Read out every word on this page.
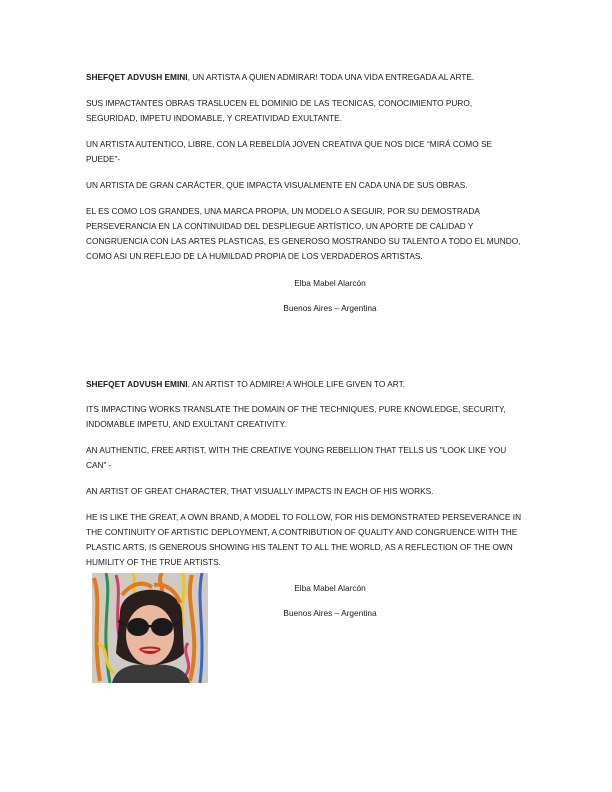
SHEFQET ADVUSH EMINI, UN ARTISTA A QUIEN ADMIRAR! TODA UNA VIDA ENTREGADA AL ARTE.

SUS IMPACTANTES OBRAS TRASLUCEN EL DOMINIO DE LAS TECNICAS, CONOCIMIENTO PURO, SEGURIDAD, IMPETU INDOMABLE, Y CREATIVIDAD EXULTANTE.

UN ARTISTA AUTENTICO, LIBRE, CON LA REBELDÍA JOVEN CREATIVA QUE NOS DICE “MIRÁ COMO SE PUEDE”-

UN ARTISTA DE GRAN CARÁCTER, QUE IMPACTA VISUALMENTE EN CADA UNA DE SUS OBRAS.

EL ES COMO LOS GRANDES, UNA MARCA PROPIA, UN MODELO A SEGUIR, POR SU DEMOSTRADA PERSEVERANCIA EN LA CONTINUIDAD DEL DESPLIEGUE ARTÍSTICO, UN APORTE DE CALIDAD Y CONGRUENCIA CON LAS ARTES PLASTICAS, ES GENEROSO MOSTRANDO SU TALENTO A TODO EL MUNDO, COMO ASI UN REFLEJO DE LA HUMILDAD PROPIA DE LOS VERDADEROS ARTISTAS.

Elba Mabel Alarcón

Buenos Aires – Argentina

SHEFQET ADVUSH EMINI, AN ARTIST TO ADMIRE! A WHOLE LIFE GIVEN TO ART.

ITS IMPACTING WORKS TRANSLATE THE DOMAIN OF THE TECHNIQUES, PURE KNOWLEDGE, SECURITY, INDOMABLE IMPETU, AND EXULTANT CREATIVITY.

AN AUTHENTIC, FREE ARTIST, WITH THE CREATIVE YOUNG REBELLION THAT TELLS US "LOOK LIKE YOU CAN" -

AN ARTIST OF GREAT CHARACTER, THAT VISUALLY IMPACTS IN EACH OF HIS WORKS.

HE IS LIKE THE GREAT, A OWN BRAND, A MODEL TO FOLLOW, FOR HIS DEMONSTRATED PERSEVERANCE IN THE CONTINUITY OF ARTISTIC DEPLOYMENT, A CONTRIBUTION OF QUALITY AND CONGRUENCE WITH THE PLASTIC ARTS, IS GENEROUS SHOWING HIS TALENT TO ALL THE WORLD, AS A REFLECTION OF THE OWN HUMILITY OF THE TRUE ARTISTS.

Elba Mabel Alarcón

Buenos Aires – Argentina
